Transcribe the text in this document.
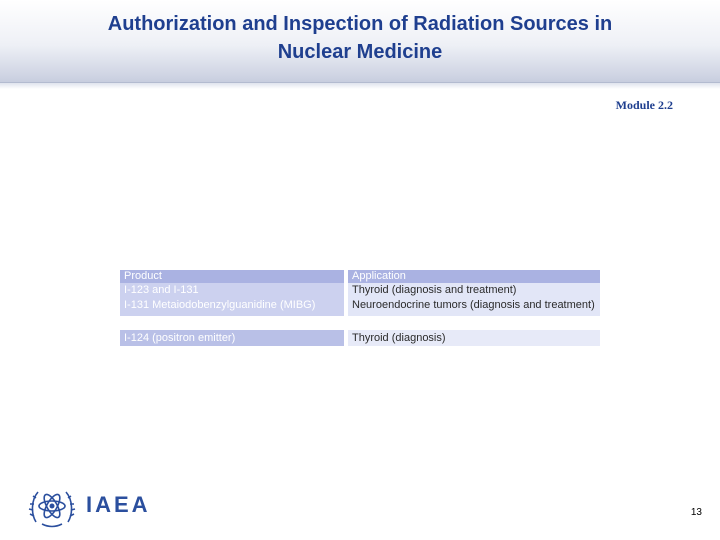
Authorization and Inspection of Radiation Sources in
Nuclear Medicine
Module 2.2
Product
I-123 and I-131
I-131 Metaiodobenzylguanidine (MIBG)
Application
Thyroid (diagnosis and treatment)
Neuroendocrine tumors (diagnosis and treatment)
I-124 (positron emitter)	Thyroid (diagnosis)
IAEA	13
